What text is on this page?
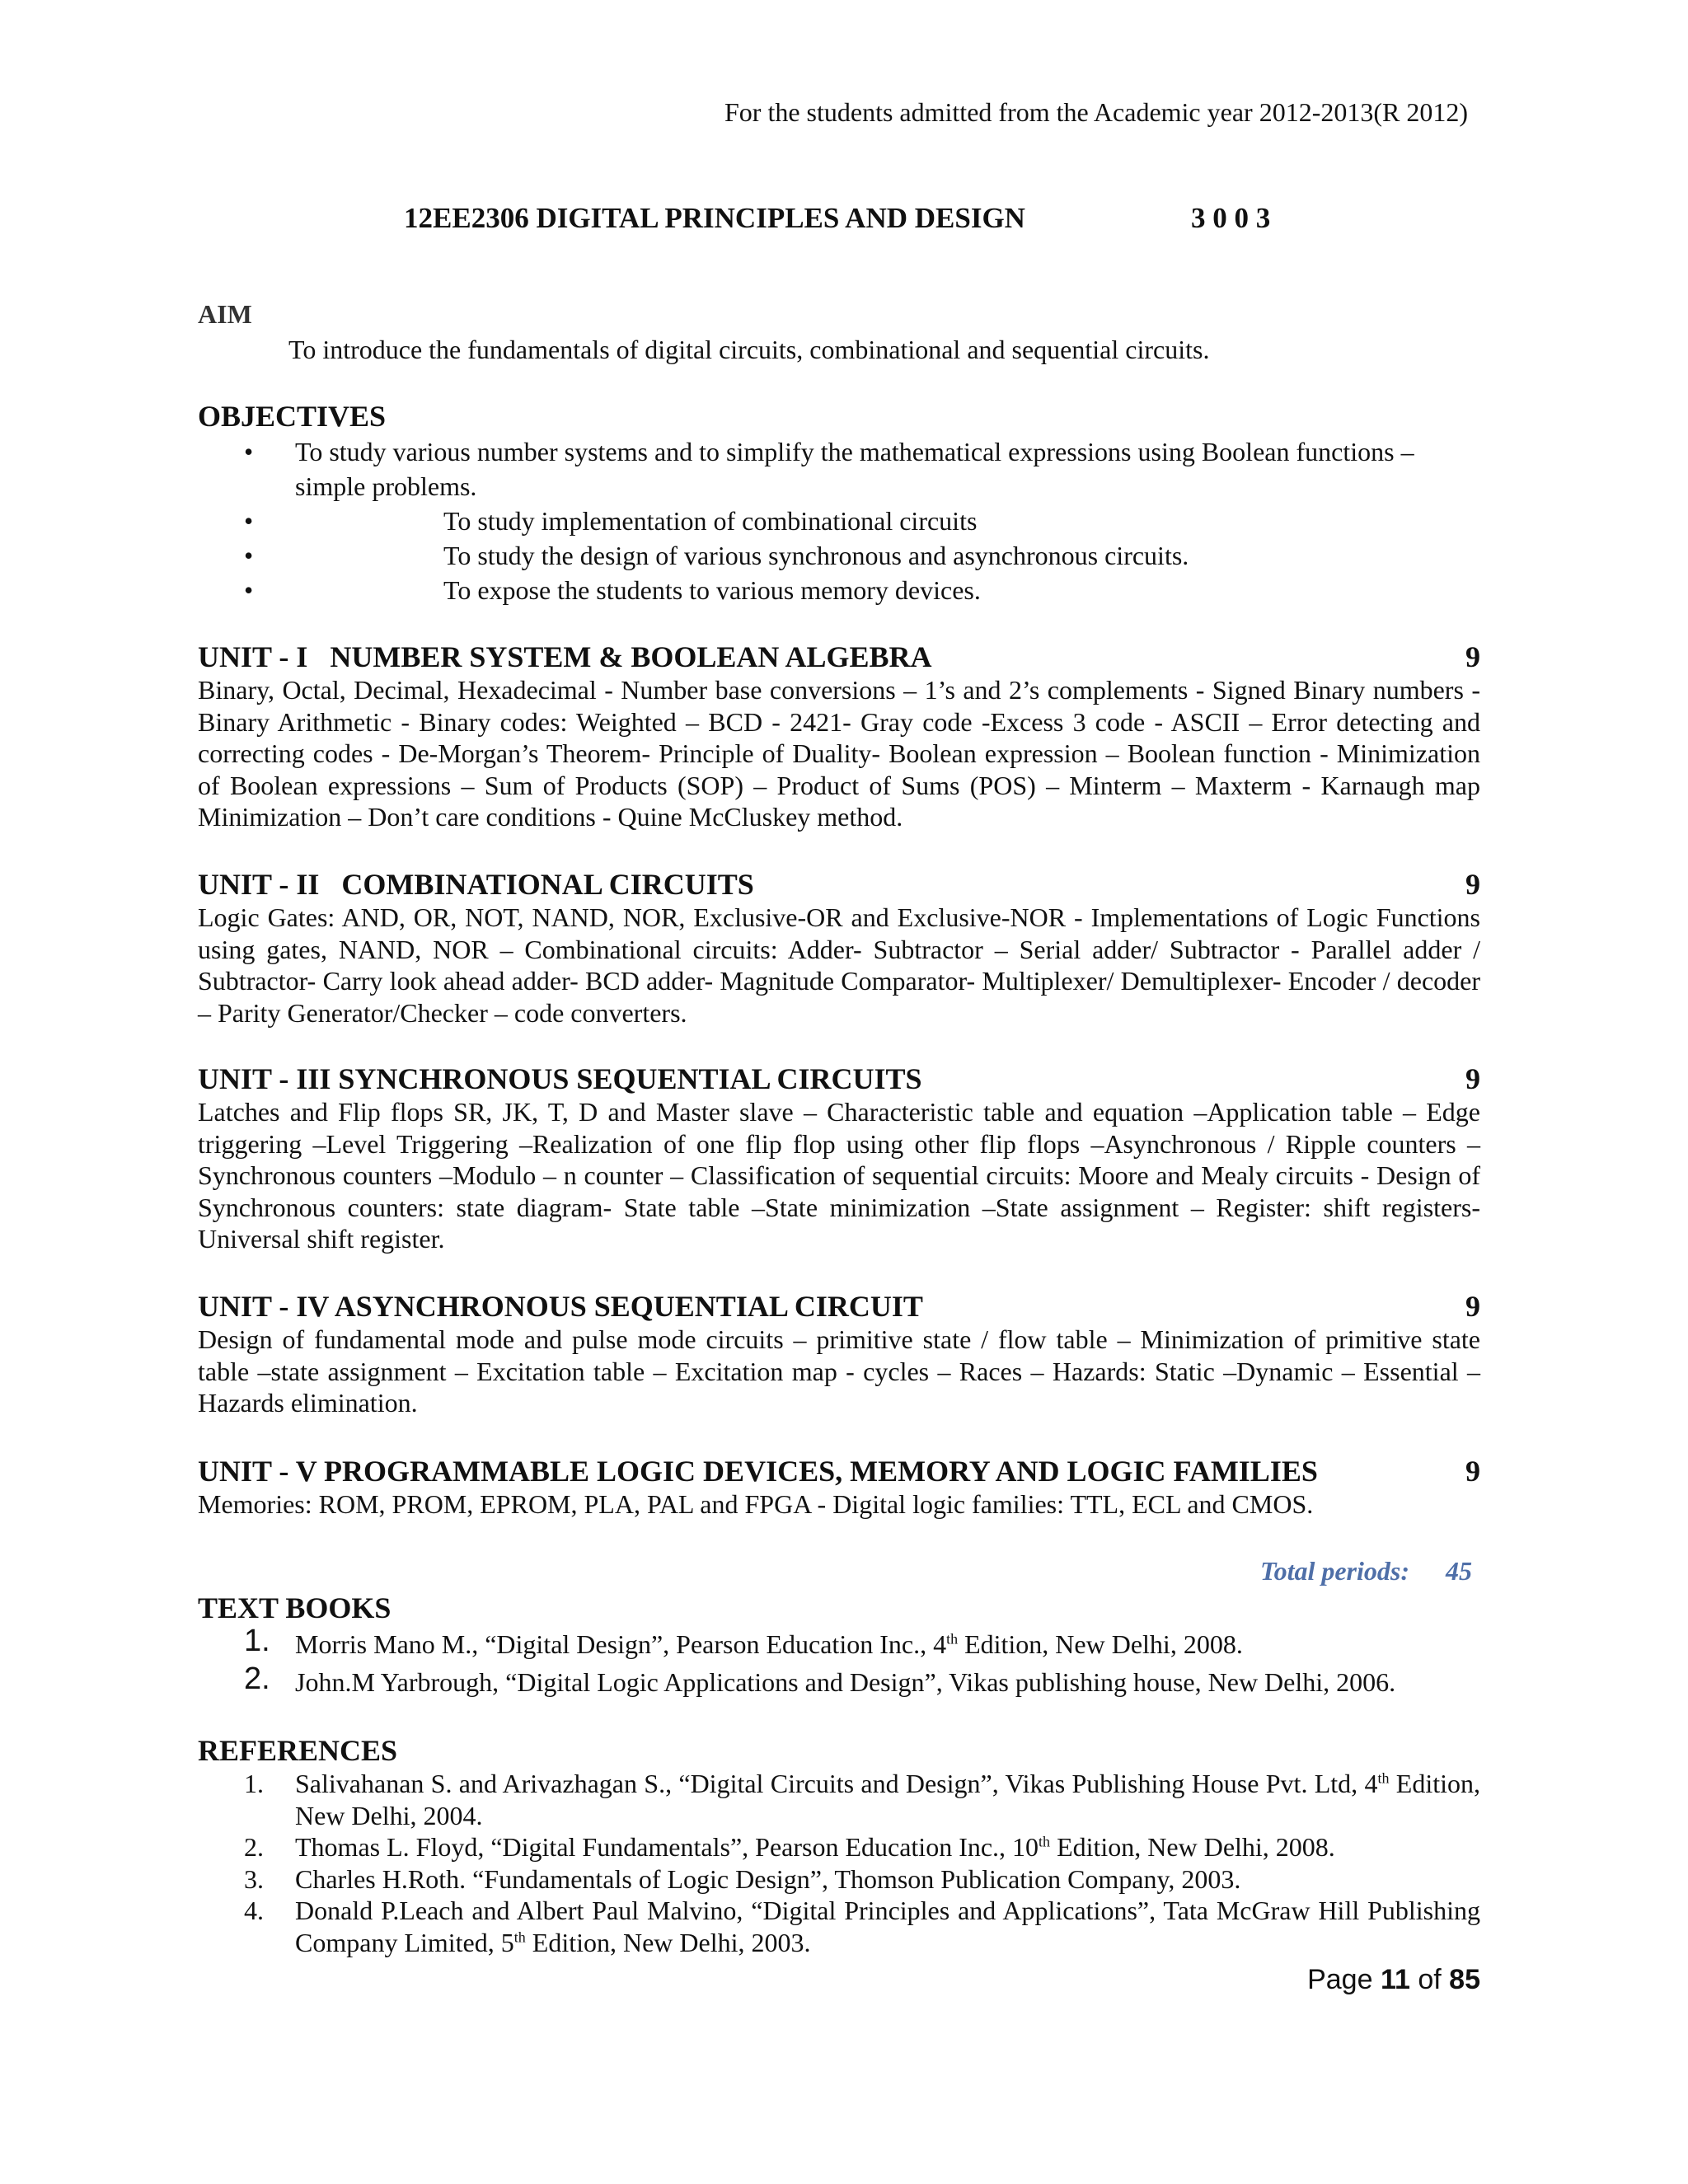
For the students admitted from the Academic year 2012-2013(R 2012)
12EE2306 DIGITAL PRINCIPLES AND DESIGN	3 0 0 3
AIM
To introduce the fundamentals of digital circuits, combinational and sequential circuits.
OBJECTIVES
• To study various number systems and to simplify the mathematical expressions using Boolean functions – simple problems.
•	To study implementation of combinational circuits
•	To study the design of various synchronous and asynchronous circuits.
•	To expose the students to various memory devices.
UNIT - I   NUMBER SYSTEM & BOOLEAN ALGEBRA	9
Binary, Octal, Decimal, Hexadecimal - Number base conversions – 1’s and 2’s complements - Signed Binary numbers - Binary Arithmetic - Binary codes: Weighted – BCD - 2421- Gray code -Excess 3 code - ASCII – Error detecting and correcting codes - De-Morgan’s Theorem- Principle of Duality- Boolean expression – Boolean function - Minimization of Boolean expressions – Sum of Products (SOP) – Product of Sums (POS) – Minterm – Maxterm - Karnaugh map Minimization – Don’t care conditions - Quine McCluskey method.
UNIT - II   COMBINATIONAL CIRCUITS	9
Logic Gates: AND, OR, NOT, NAND, NOR, Exclusive-OR and Exclusive-NOR - Implementations of Logic Functions using gates, NAND, NOR – Combinational circuits: Adder- Subtractor – Serial adder/ Subtractor - Parallel adder / Subtractor- Carry look ahead adder- BCD adder- Magnitude Comparator- Multiplexer/ Demultiplexer- Encoder / decoder – Parity Generator/Checker – code converters.
UNIT - III SYNCHRONOUS SEQUENTIAL CIRCUITS	9
Latches and Flip flops SR, JK, T, D and Master slave – Characteristic table and equation –Application table – Edge triggering –Level Triggering –Realization of one flip flop using other flip flops –Asynchronous / Ripple counters – Synchronous counters –Modulo – n counter – Classification of sequential circuits: Moore and Mealy circuits - Design of Synchronous counters: state diagram- State table –State minimization –State assignment – Register: shift registers- Universal shift register.
UNIT - IV ASYNCHRONOUS SEQUENTIAL CIRCUIT	9
Design of fundamental mode and pulse mode circuits – primitive state / flow table – Minimization of primitive state table –state assignment – Excitation table – Excitation map - cycles – Races – Hazards: Static –Dynamic – Essential – Hazards elimination.
UNIT - V PROGRAMMABLE LOGIC DEVICES, MEMORY AND LOGIC FAMILIES	9
Memories: ROM, PROM, EPROM, PLA, PAL and FPGA - Digital logic families: TTL, ECL and CMOS.
Total periods: 45
TEXT BOOKS
1. Morris Mano M., “Digital Design”, Pearson Education Inc., 4th Edition, New Delhi, 2008.
2. John.M Yarbrough, “Digital Logic Applications and Design”, Vikas publishing house, New Delhi, 2006.
REFERENCES
1. Salivahanan S. and Arivazhagan S., “Digital Circuits and Design”, Vikas Publishing House Pvt. Ltd, 4th Edition, New Delhi, 2004.
2. Thomas L. Floyd, “Digital Fundamentals”, Pearson Education Inc., 10th Edition, New Delhi, 2008.
3. Charles H.Roth. “Fundamentals of Logic Design”, Thomson Publication Company, 2003.
4. Donald P.Leach and Albert Paul Malvino, “Digital Principles and Applications”, Tata McGraw Hill Publishing Company Limited, 5th Edition, New Delhi, 2003.
Page 11 of 85
